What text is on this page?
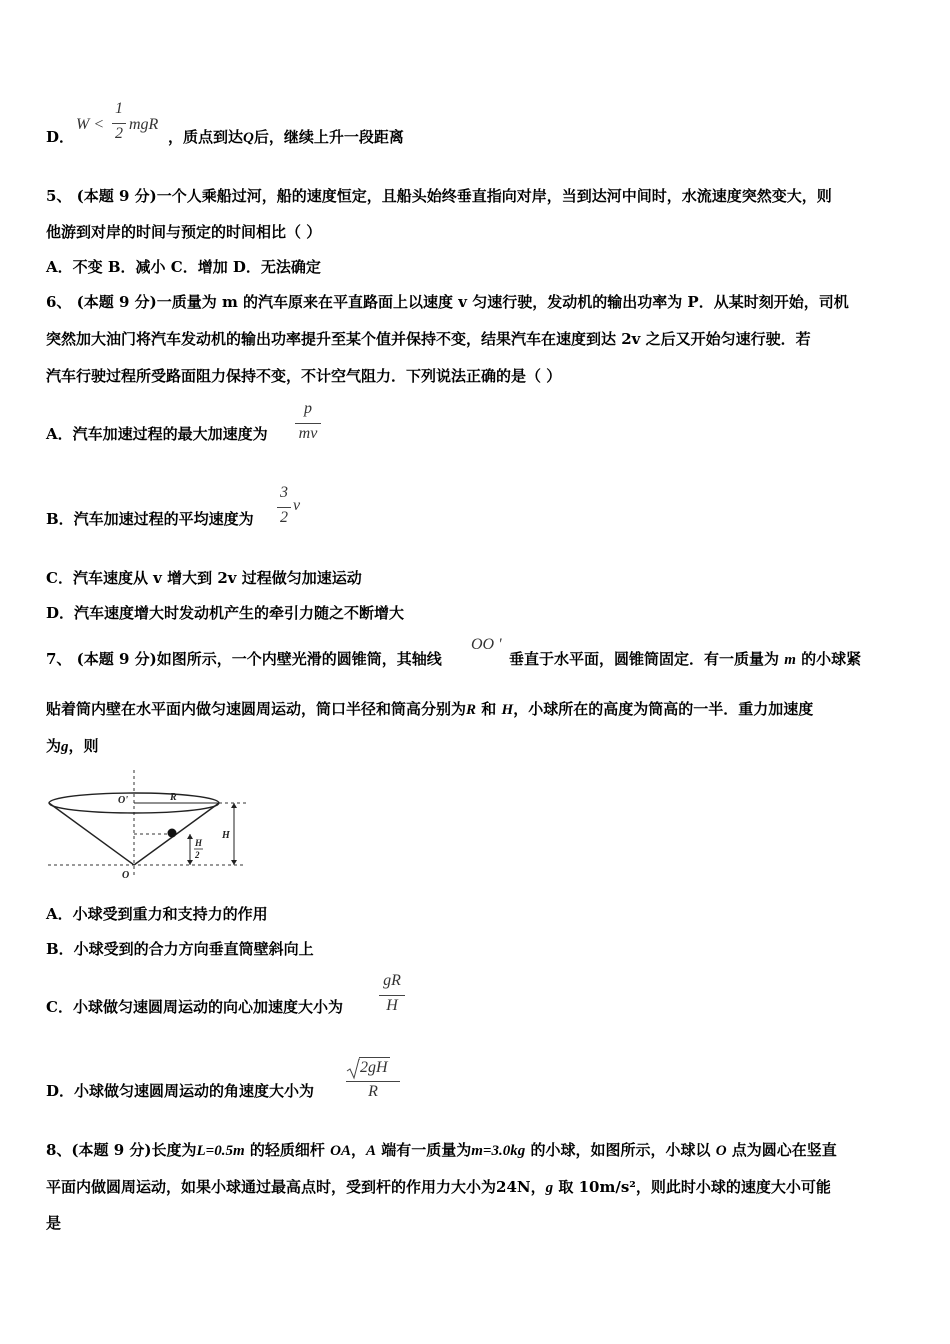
D．
W <
1
2
mgR
，质点到达Q后，继续上升一段距离
5、 (本题 9 分)一个人乘船过河，船的速度恒定，且船头始终垂直指向对岸，当到达河中间时，水流速度突然变大，则
他游到对岸的时间与预定的时间相比（ ）
A．不变 B．减小 C．增加 D．无法确定
6、 (本题 9 分)一质量为 m 的汽车原来在平直路面上以速度 v 匀速行驶，发动机的输出功率为 P．从某时刻开始，司机
突然加大油门将汽车发动机的输出功率提升至某个值并保持不变，结果汽车在速度到达 2v 之后又开始匀速行驶．若
汽车行驶过程所受路面阻力保持不变，不计空气阻力．下列说法正确的是（ ）
A．汽车加速过程的最大加速度为
p
mv
B．汽车加速过程的平均速度为
3
2
v
C．汽车速度从 v 增大到 2v 过程做匀加速运动
D．汽车速度增大时发动机产生的牵引力随之不断增大
7、 (本题 9 分)如图所示，一个内壁光滑的圆锥筒，其轴线
OO '
垂直于水平面，圆锥筒固定．有一质量为 m 的小球紧
贴着筒内壁在水平面内做匀速圆周运动，筒口半径和筒高分别为R 和 H，小球所在的高度为筒高的一半．重力加速度
为g，则
O'	R
H
H
2
O
A．小球受到重力和支持力的作用
B．小球受到的合力方向垂直筒壁斜向上
C．小球做匀速圆周运动的向心加速度大小为
gR
H
D．小球做匀速圆周运动的角速度大小为
2gH
R
8、(本题 9 分)长度为L=0.5m 的轻质细杆 OA，A 端有一质量为m=3.0kg 的小球，如图所示，小球以 O 点为圆心在竖直
平面内做圆周运动，如果小球通过最高点时，受到杆的作用力大小为24N，g 取 10m/s²，则此时小球的速度大小可能
是
